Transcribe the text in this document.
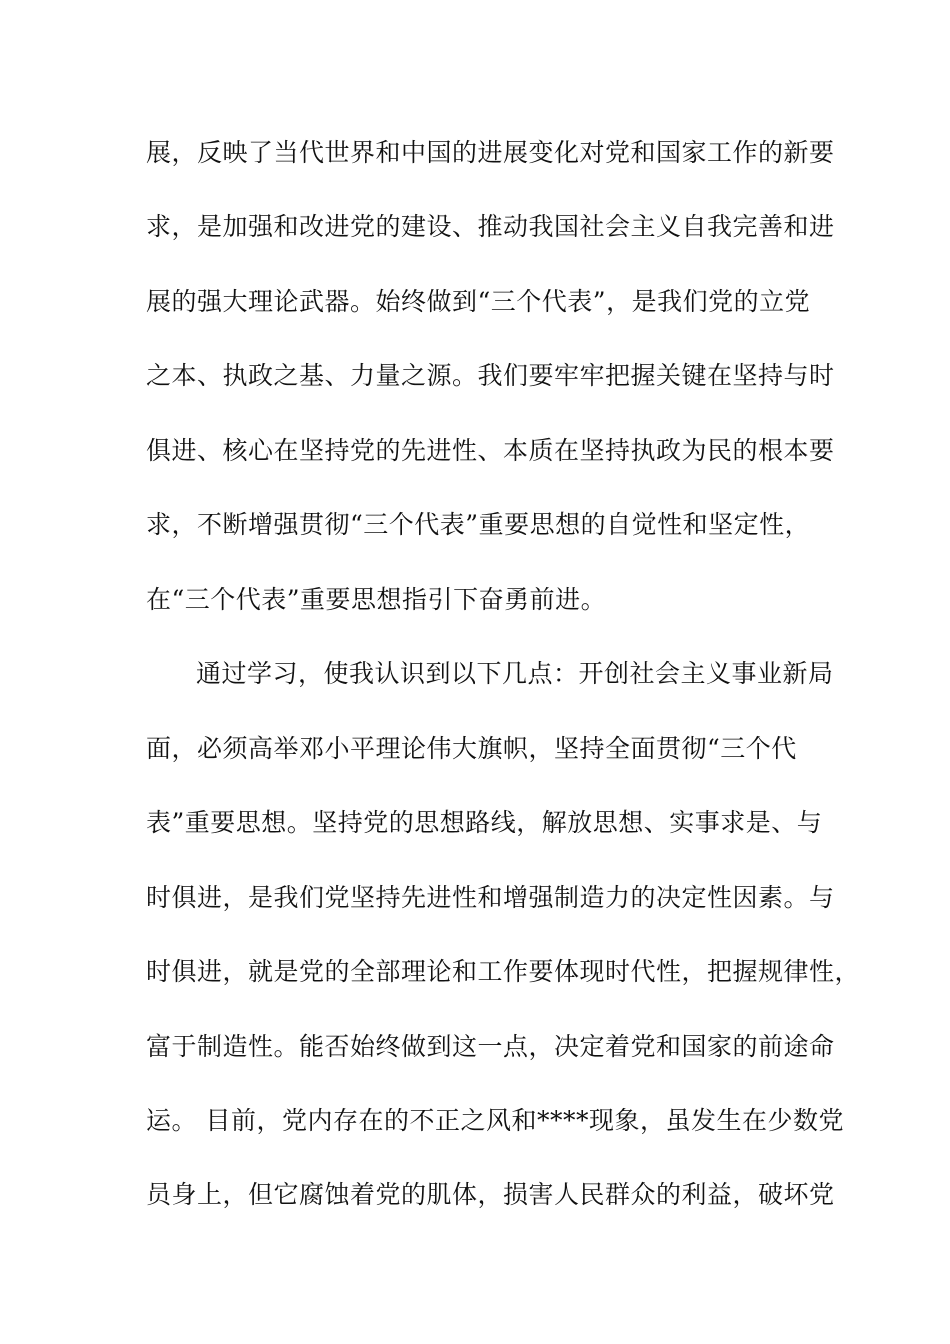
展，反映了当代世界和中国的进展变化对党和国家工作的新要
求，是加强和改进党的建设、推动我国社会主义自我完善和进
展的强大理论武器。始终做到“三个代表”，是我们党的立党
之本、执政之基、力量之源。我们要牢牢把握关键在坚持与时
俱进、核心在坚持党的先进性、本质在坚持执政为民的根本要
求，不断增强贯彻“三个代表”重要思想的自觉性和坚定性，
在“三个代表”重要思想指引下奋勇前进。
通过学习，使我认识到以下几点：开创社会主义事业新局
面，必须高举邓小平理论伟大旗帜，坚持全面贯彻“三个代
表”重要思想。坚持党的思想路线，解放思想、实事求是、与
时俱进，是我们党坚持先进性和增强制造力的决定性因素。与
时俱进，就是党的全部理论和工作要体现时代性，把握规律性，
富于制造性。能否始终做到这一点，决定着党和国家的前途命
运。 目前，党内存在的不正之风和****现象，虽发生在少数党
员身上，但它腐蚀着党的肌体，损害人民群众的利益，破坏党
